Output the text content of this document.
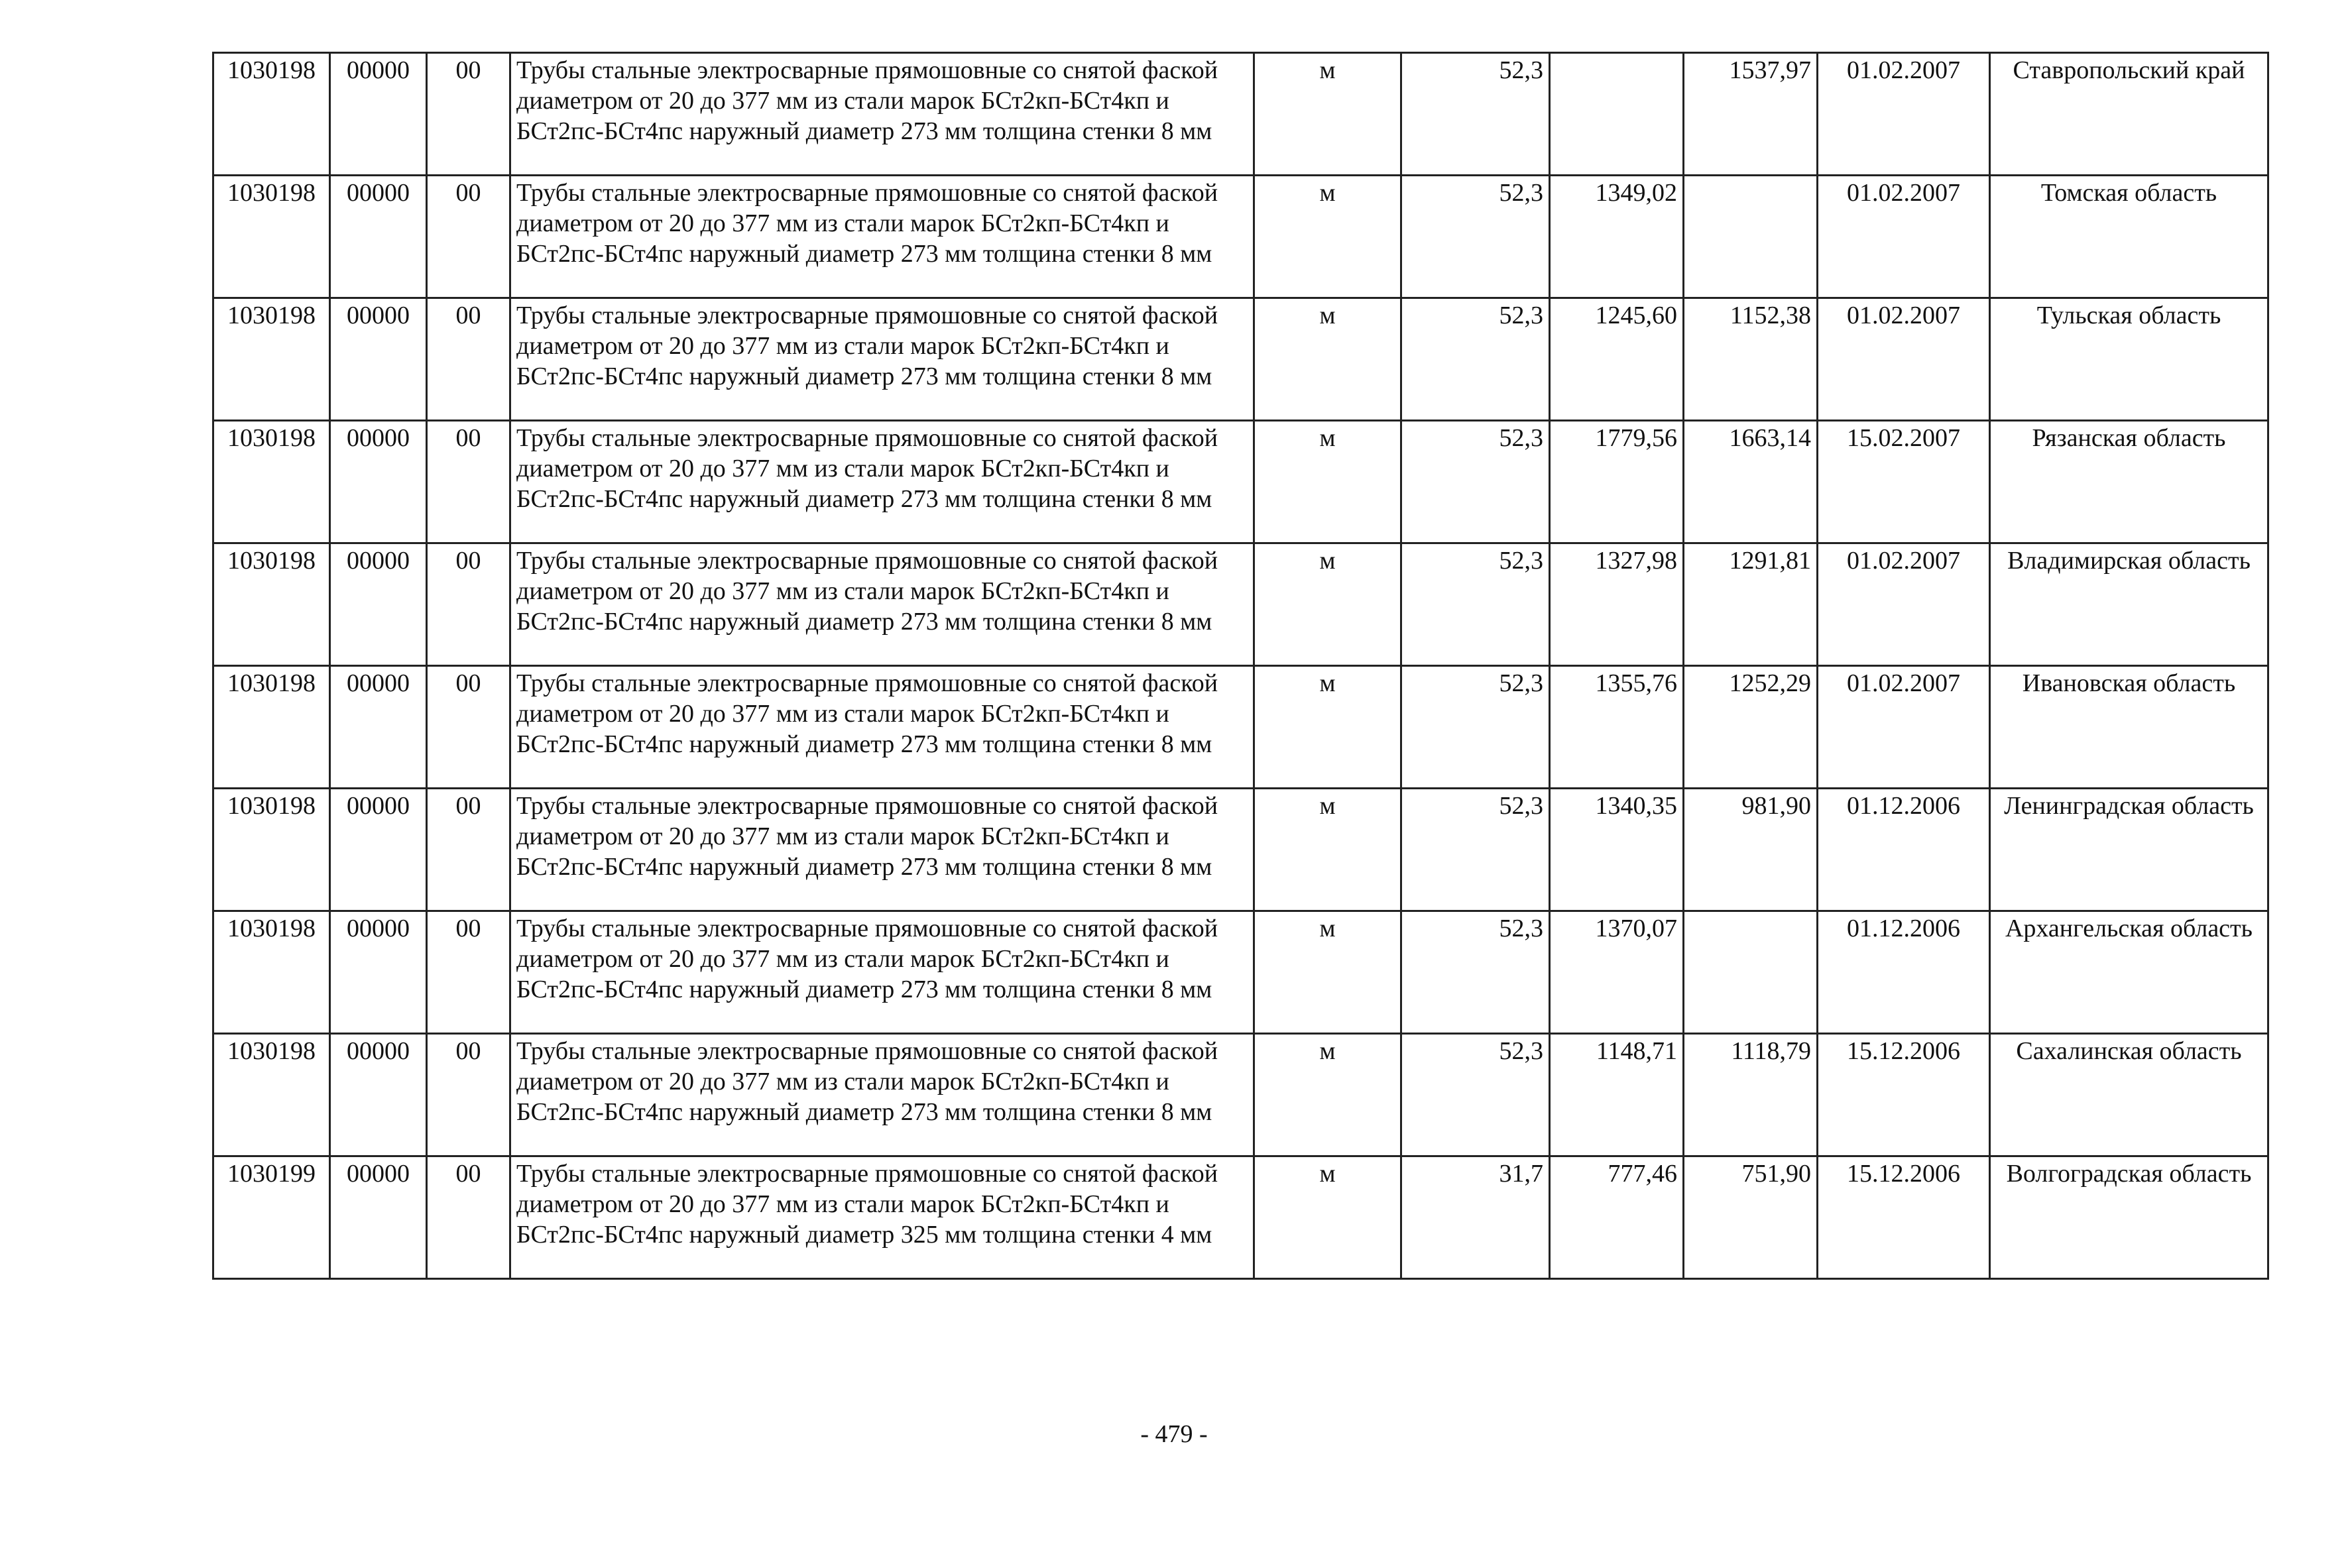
1030198	00000	00	Трубы стальные электросварные прямошовные со снятой фаской диаметром от 20 до 377 мм из стали марок БСт2кп-БСт4кп и БСт2пс-БСт4пс наружный диаметр 273 мм толщина стенки 8 мм	м	52,3		1537,97	01.02.2007	Ставропольский край
1030198	00000	00	Трубы стальные электросварные прямошовные со снятой фаской диаметром от 20 до 377 мм из стали марок БСт2кп-БСт4кп и БСт2пс-БСт4пс наружный диаметр 273 мм толщина стенки 8 мм	м	52,3	1349,02		01.02.2007	Томская область
1030198	00000	00	Трубы стальные электросварные прямошовные со снятой фаской диаметром от 20 до 377 мм из стали марок БСт2кп-БСт4кп и БСт2пс-БСт4пс наружный диаметр 273 мм толщина стенки 8 мм	м	52,3	1245,60	1152,38	01.02.2007	Тульская область
1030198	00000	00	Трубы стальные электросварные прямошовные со снятой фаской диаметром от 20 до 377 мм из стали марок БСт2кп-БСт4кп и БСт2пс-БСт4пс наружный диаметр 273 мм толщина стенки 8 мм	м	52,3	1779,56	1663,14	15.02.2007	Рязанская область
1030198	00000	00	Трубы стальные электросварные прямошовные со снятой фаской диаметром от 20 до 377 мм из стали марок БСт2кп-БСт4кп и БСт2пс-БСт4пс наружный диаметр 273 мм толщина стенки 8 мм	м	52,3	1327,98	1291,81	01.02.2007	Владимирская область
1030198	00000	00	Трубы стальные электросварные прямошовные со снятой фаской диаметром от 20 до 377 мм из стали марок БСт2кп-БСт4кп и БСт2пс-БСт4пс наружный диаметр 273 мм толщина стенки 8 мм	м	52,3	1355,76	1252,29	01.02.2007	Ивановская область
1030198	00000	00	Трубы стальные электросварные прямошовные со снятой фаской диаметром от 20 до 377 мм из стали марок БСт2кп-БСт4кп и БСт2пс-БСт4пс наружный диаметр 273 мм толщина стенки 8 мм	м	52,3	1340,35	981,90	01.12.2006	Ленинградская область
1030198	00000	00	Трубы стальные электросварные прямошовные со снятой фаской диаметром от 20 до 377 мм из стали марок БСт2кп-БСт4кп и БСт2пс-БСт4пс наружный диаметр 273 мм толщина стенки 8 мм	м	52,3	1370,07		01.12.2006	Архангельская область
1030198	00000	00	Трубы стальные электросварные прямошовные со снятой фаской диаметром от 20 до 377 мм из стали марок БСт2кп-БСт4кп и БСт2пс-БСт4пс наружный диаметр 273 мм толщина стенки 8 мм	м	52,3	1148,71	1118,79	15.12.2006	Сахалинская область
1030199	00000	00	Трубы стальные электросварные прямошовные со снятой фаской диаметром от 20 до 377 мм из стали марок БСт2кп-БСт4кп и БСт2пс-БСт4пс наружный диаметр 325 мм толщина стенки 4 мм	м	31,7	777,46	751,90	15.12.2006	Волгоградская область
- 479 -
